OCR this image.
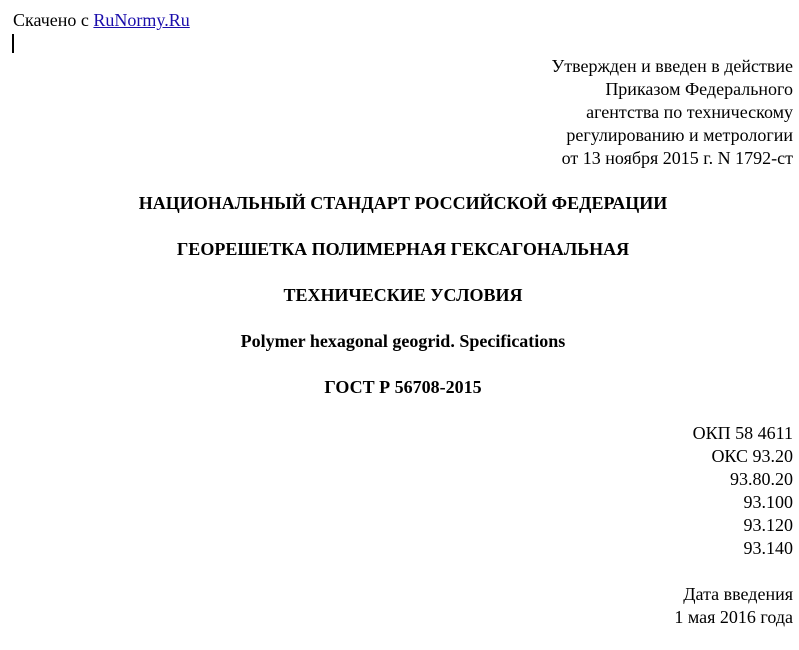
Скачено с RuNormy.Ru
Утвержден и введен в действие
Приказом Федерального
агентства по техническому
регулированию и метрологии
от 13 ноября 2015 г. N 1792-ст
НАЦИОНАЛЬНЫЙ СТАНДАРТ РОССИЙСКОЙ ФЕДЕРАЦИИ
ГЕОРЕШЕТКА ПОЛИМЕРНАЯ ГЕКСАГОНАЛЬНАЯ
ТЕХНИЧЕСКИЕ УСЛОВИЯ
Polymer hexagonal geogrid. Specifications
ГОСТ Р 56708-2015
ОКП 58 4611
ОКС 93.20
93.80.20
93.100
93.120
93.140
Дата введения
1 мая 2016 года
